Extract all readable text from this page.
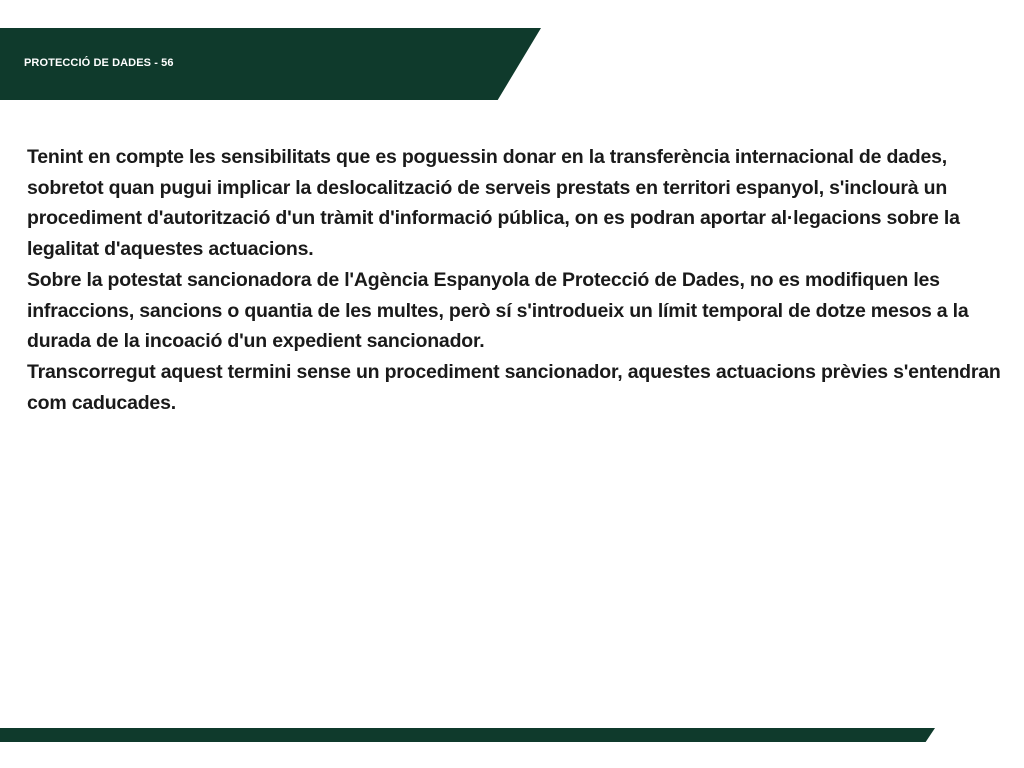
PROTECCIÓ DE DADES - 56

Tenint en compte les sensibilitats que es poguessin donar en la transferència internacional de dades, sobretot quan pugui implicar la deslocalització de serveis prestats en territori espanyol, s'inclourà un procediment d'autorització d'un tràmit d'informació pública, on es podran aportar al·legacions sobre la legalitat d'aquestes actuacions.

Sobre la potestat sancionadora de l'Agència Espanyola de Protecció de Dades, no es modifiquen les infraccions, sancions o quantia de les multes, però sí s'introdueix un límit temporal de dotze mesos a la durada de la incoació d'un expedient sancionador.

Transcorregut aquest termini sense un procediment sancionador, aquestes actuacions prèvies s'entendran com caducades.
